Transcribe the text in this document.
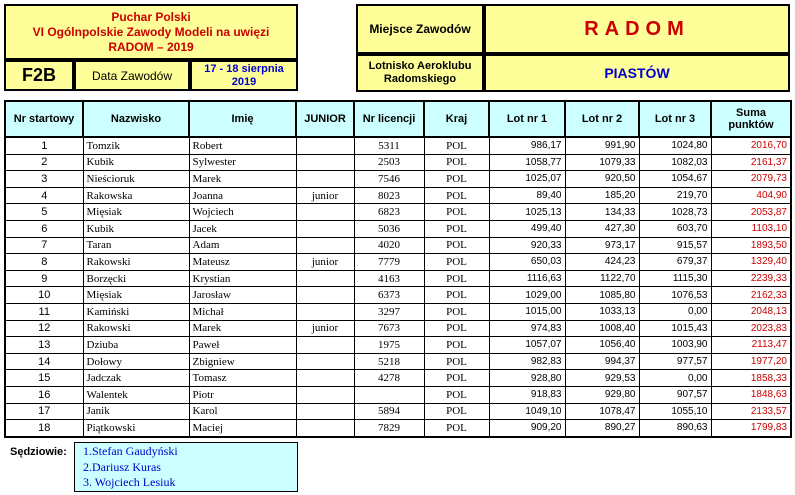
Puchar Polski
VI Ogólnpolskie Zawody Modeli na uwięzi
RADOM – 2019
F2B	Data Zawodów	17 - 18 sierpnia
2019
Miejsce Zawodów	RADOM
Lotnisko Aeroklubu
Radomskiego	PIASTÓW
Nr startowy	Nazwisko	Imię	JUNIOR	Nr licencji	Kraj	Lot nr 1	Lot nr 2	Lot nr 3	Suma punktów
1	Tomzik	Robert		5311	POL	986,17	991,90	1024,80	2016,70
2	Kubik	Sylwester		2503	POL	1058,77	1079,33	1082,03	2161,37
3	Nieścioruk	Marek		7546	POL	1025,07	920,50	1054,67	2079,73
4	Rakowska	Joanna	junior	8023	POL	89,40	185,20	219,70	404,90
5	Mięsiak	Wojciech		6823	POL	1025,13	134,33	1028,73	2053,87
6	Kubik	Jacek		5036	POL	499,40	427,30	603,70	1103,10
7	Taran	Adam		4020	POL	920,33	973,17	915,57	1893,50
8	Rakowski	Mateusz	junior	7779	POL	650,03	424,23	679,37	1329,40
9	Borzęcki	Krystian		4163	POL	1116,63	1122,70	1115,30	2239,33
10	Mięsiak	Jarosław		6373	POL	1029,00	1085,80	1076,53	2162,33
11	Kamiński	Michał		3297	POL	1015,00	1033,13	0,00	2048,13
12	Rakowski	Marek	junior	7673	POL	974,83	1008,40	1015,43	2023,83
13	Dziuba	Paweł		1975	POL	1057,07	1056,40	1003,90	2113,47
14	Dołowy	Zbigniew		5218	POL	982,83	994,37	977,57	1977,20
15	Jadczak	Tomasz		4278	POL	928,80	929,53	0,00	1858,33
16	Walentek	Piotr			POL	918,83	929,80	907,57	1848,63
17	Janik	Karol		5894	POL	1049,10	1078,47	1055,10	2133,57
18	Piątkowski	Maciej		7829	POL	909,20	890,27	890,63	1799,83
Sędziowie: 1.Stefan Gaudyński
2.Dariusz Kuras
3. Wojciech Lesiuk
